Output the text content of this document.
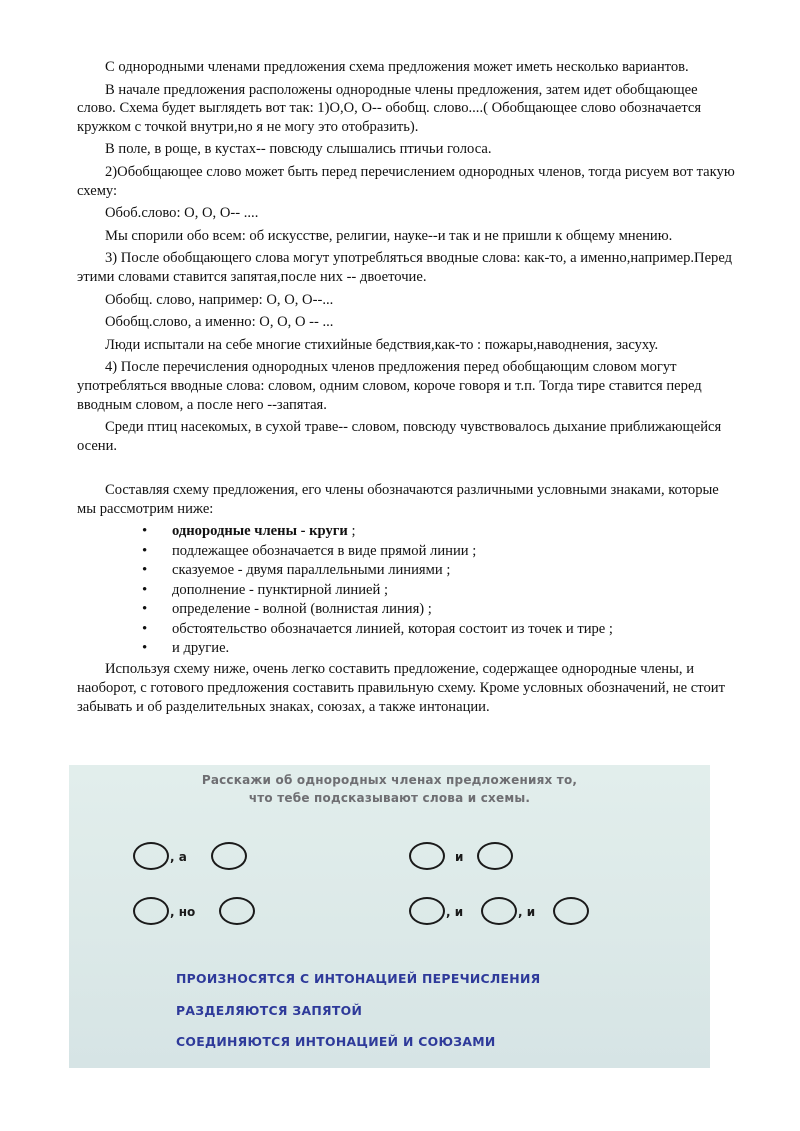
С однородными членами предложения схема предложения может иметь несколько вариантов.

В начале предложения расположены однородные члены предложения, затем идет обобщающее слово. Схема будет выглядеть вот так: 1)О,О, О-- обобщ. слово....( Обобщающее слово обозначается кружком с точкой внутри,но я не могу это отобразить).

В поле, в роще, в кустах-- повсюду слышались птичьи голоса.

2)Обобщающее слово может быть перед перечислением однородных членов, тогда рисуем вот такую схему:

Обоб.слово: О, О, О-- ....

Мы спорили обо всем: об искусстве, религии, науке--и так и не пришли к общему мнению.

3) После обобщающего слова могут употребляться вводные слова: как-то, а именно,например.Перед этими словами ставится запятая,после них -- двоеточие.

Обобщ. слово, например: О, О, О--...

Обобщ.слово, а именно: О, О, О -- ...

Люди испытали на себе многие стихийные бедствия,как-то : пожары,наводнения, засуху.

4) После перечисления однородных членов предложения перед обобщающим словом могут употребляться вводные слова: словом, одним словом, короче говоря и т.п. Тогда тире ставится перед вводным словом, а после него --запятая.

Среди птиц насекомых, в сухой траве-- словом, повсюду чувствовалось дыхание приближающейся осени.

Составляя схему предложения, его члены обозначаются различными условными знаками, которые мы рассмотрим ниже:

• однородные члены - круги ;
• подлежащее обозначается в виде прямой линии ;
• сказуемое - двумя параллельными линиями ;
• дополнение - пунктирной линией ;
• определение - волной (волнистая линия) ;
• обстоятельство обозначается линией, которая состоит из точек и тире ;
• и другие.

Используя схему ниже, очень легко составить предложение, содержащее однородные члены, и наоборот, с готового предложения составить правильную схему. Кроме условных обозначений, не стоит забывать и об разделительных знаках, союзах, а также интонации.

Расскажи об однородных членах предложениях то,
что тебе подсказывают слова и схемы.
, а	и
, но	, и	, и
ПРОИЗНОСЯТСЯ С ИНТОНАЦИЕЙ ПЕРЕЧИСЛЕНИЯ
РАЗДЕЛЯЮТСЯ ЗАПЯТОЙ
СОЕДИНЯЮТСЯ ИНТОНАЦИЕЙ И СОЮЗАМИ
